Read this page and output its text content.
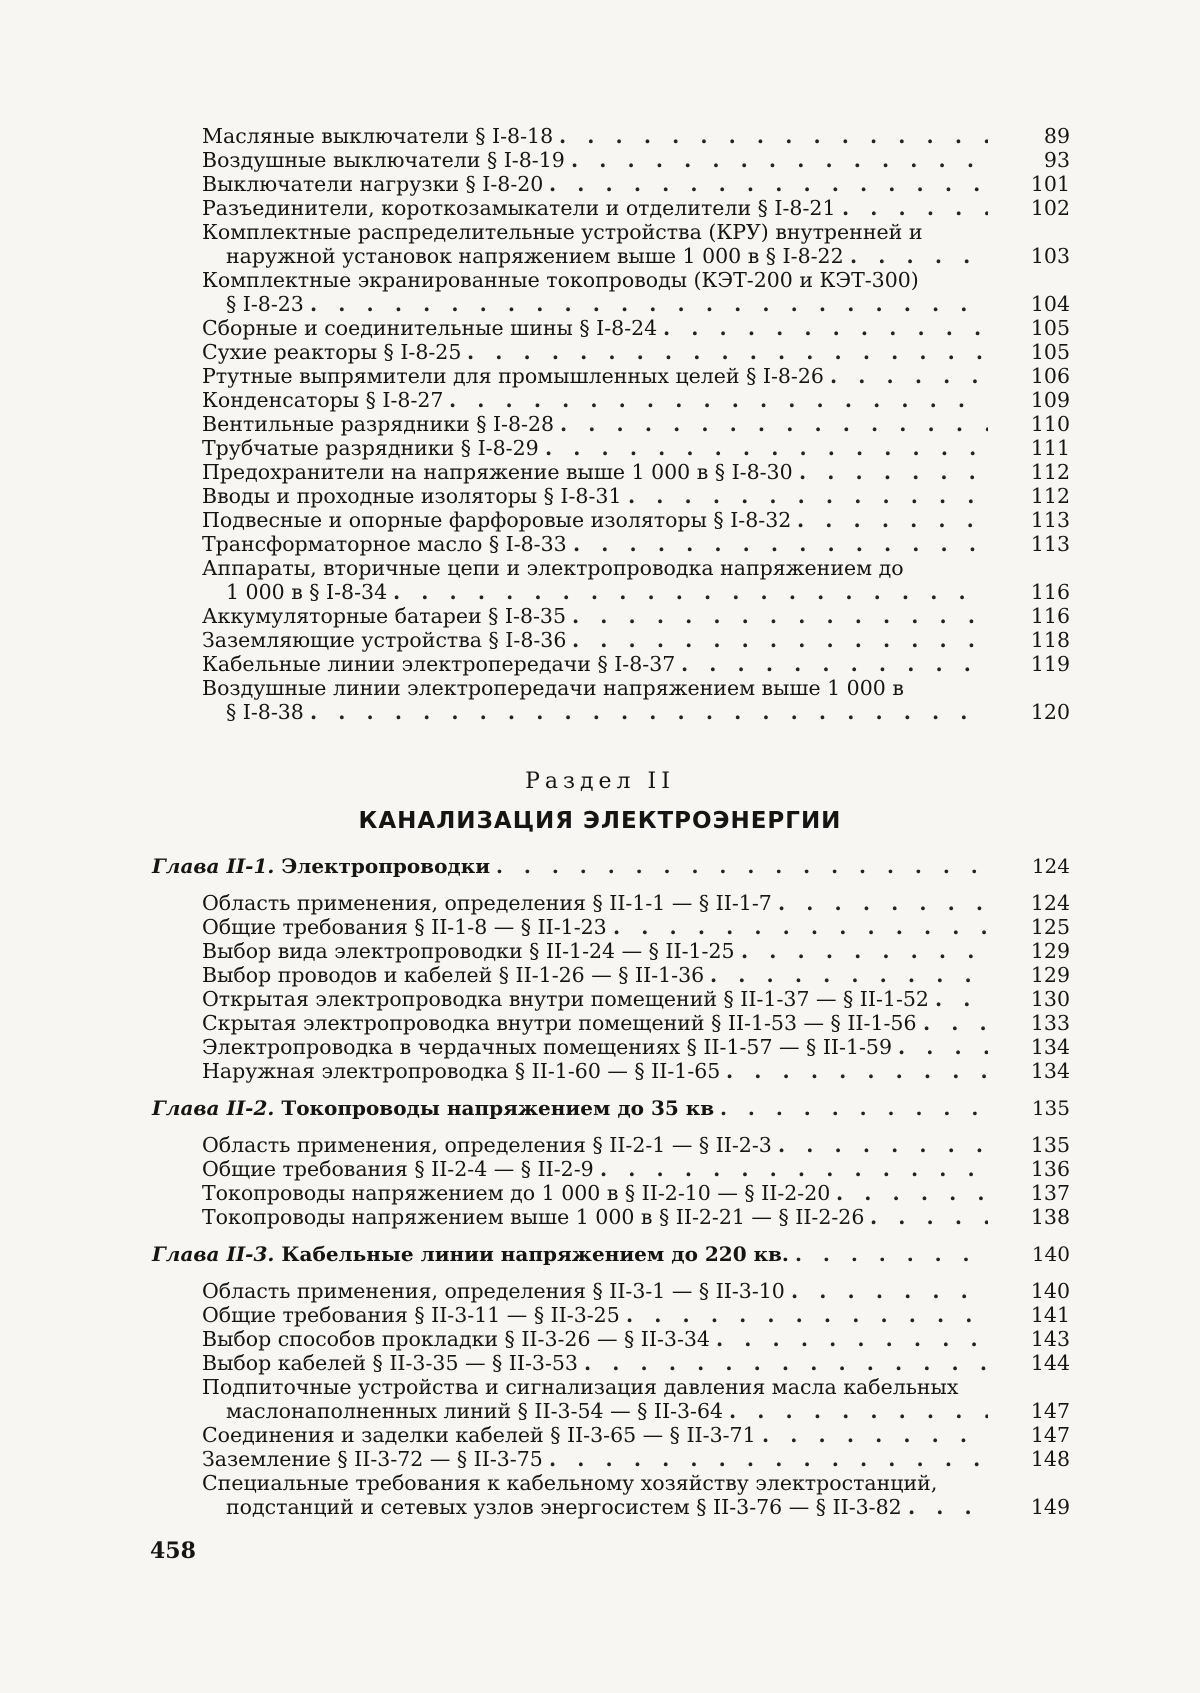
Масляные выключатели § I-8-18 . . . . . . . . . . . . . . .	89
Воздушные выключатели § I-8-19 . . . . . . . . . . . . . . .	93
Выключатели нагрузки § I-8-20 . . . . . . . . . . . . . . . .	101
Разъединители, короткозамыкатели и отделители § I-8-21 . . . . .	102
Комплектные распределительные устройства (КРУ) внутренней и
наружной установок напряжением выше 1 000 в § I-8-22 . . . . .	103
Комплектные экранированные токопроводы (КЭТ-200 и КЭТ-300)
§ I-8-23 . . . . . . . . . . . . . . . . . . . . . . . .	104
Сборные и соединительные шины § I-8-24 . . . . . . . . . . . .	105
Сухие реакторы § I-8-25 . . . . . . . . . . . . . . . . . .	105
Ртутные выпрямители для промышленных целей § I-8-26 . . . . . .	106
Конденсаторы § I-8-27 . . . . . . . . . . . . . . . . . . .	109
Вентильные разрядники § I-8-28 . . . . . . . . . . . . . . .	110
Трубчатые разрядники § I-8-29 . . . . . . . . . . . . . . . .	111
Предохранители на напряжение выше 1 000 в § I-8-30 . . . . . . .	112
Вводы и проходные изоляторы § I-8-31 . . . . . . . . . . . . .	112
Подвесные и опорные фарфоровые изоляторы § I-8-32 . . . . . . .	113
Трансформаторное масло § I-8-33 . . . . . . . . . . . . . . .	113
Аппараты, вторичные цепи и электропроводка напряжением до
1 000 в § I-8-34 . . . . . . . . . . . . . . . . . . . . .	116
Аккумуляторные батареи § I-8-35 . . . . . . . . . . . . . . .	116
Заземляющие устройства § I-8-36 . . . . . . . . . . . . . . .	118
Кабельные линии электропередачи § I-8-37 . . . . . . . . . . .	119
Воздушные линии электропередачи напряжением выше 1 000 в
§ I-8-38 . . . . . . . . . . . . . . . . . . . . . . . .	120
Раздел II
КАНАЛИЗАЦИЯ ЭЛЕКТРОЭНЕРГИИ
Глава II-1. Электропроводки . . . . . . . . . . . . . . . . . .	124
Область применения, определения § II-1-1 — § II-1-7 . . . . . . .	124
Общие требования § II-1-8 — § II-1-23 . . . . . . . . . . . . .	125
Выбор вида электропроводки § II-1-24 — § II-1-25 . . . . . . . . .	129
Выбор проводов и кабелей § II-1-26 — § II-1-36 . . . . . . . . . .	129
Открытая электропроводка внутри помещений § II-1-37 — § II-1-52 . .	130
Скрытая электропроводка внутри помещений § II-1-53 — § II-1-56 . .	133
Электропроводка в чердачных помещениях § II-1-57 — § II-1-59 . . .	134
Наружная электропроводка § II-1-60 — § II-1-65 . . . . . . . . .	134
Глава II-2. Токопроводы напряжением до 35 кв . . . . . . . . . .	135
Область применения, определения § II-2-1 — § II-2-3 . . . . . . .	135
Общие требования § II-2-4 — § II-2-9 . . . . . . . . . . . . . .	136
Токопроводы напряжением до 1 000 в § II-2-10 — § II-2-20 . . . . .	137
Токопроводы напряжением выше 1 000 в § II-2-21 — § II-2-26 . . . .	138
Глава II-3. Кабельные линии напряжением до 220 кв. . . . . . . .	140
Область применения, определения § II-3-1 — § II-3-10 . . . . . . .	140
Общие требования § II-3-11 — § II-3-25 . . . . . . . . . . . . .	141
Выбор способов прокладки § II-3-26 — § II-3-34 . . . . . . . . . .	143
Выбор кабелей § II-3-35 — § II-3-53 . . . . . . . . . . . . . .	144
Подпиточные устройства и сигнализация давления масла кабельных
маслонаполненных линий § II-3-54 — § II-3-64 . . . . . . . . .	147
Соединения и заделки кабелей § II-3-65 — § II-3-71 . . . . . . . .	147
Заземление § II-3-72 — § II-3-75 . . . . . . . . . . . . . . . .	148
Специальные требования к кабельному хозяйству электростанций,
подстанций и сетевых узлов энергосистем § II-3-76 — § II-3-82 . . .	149
458
